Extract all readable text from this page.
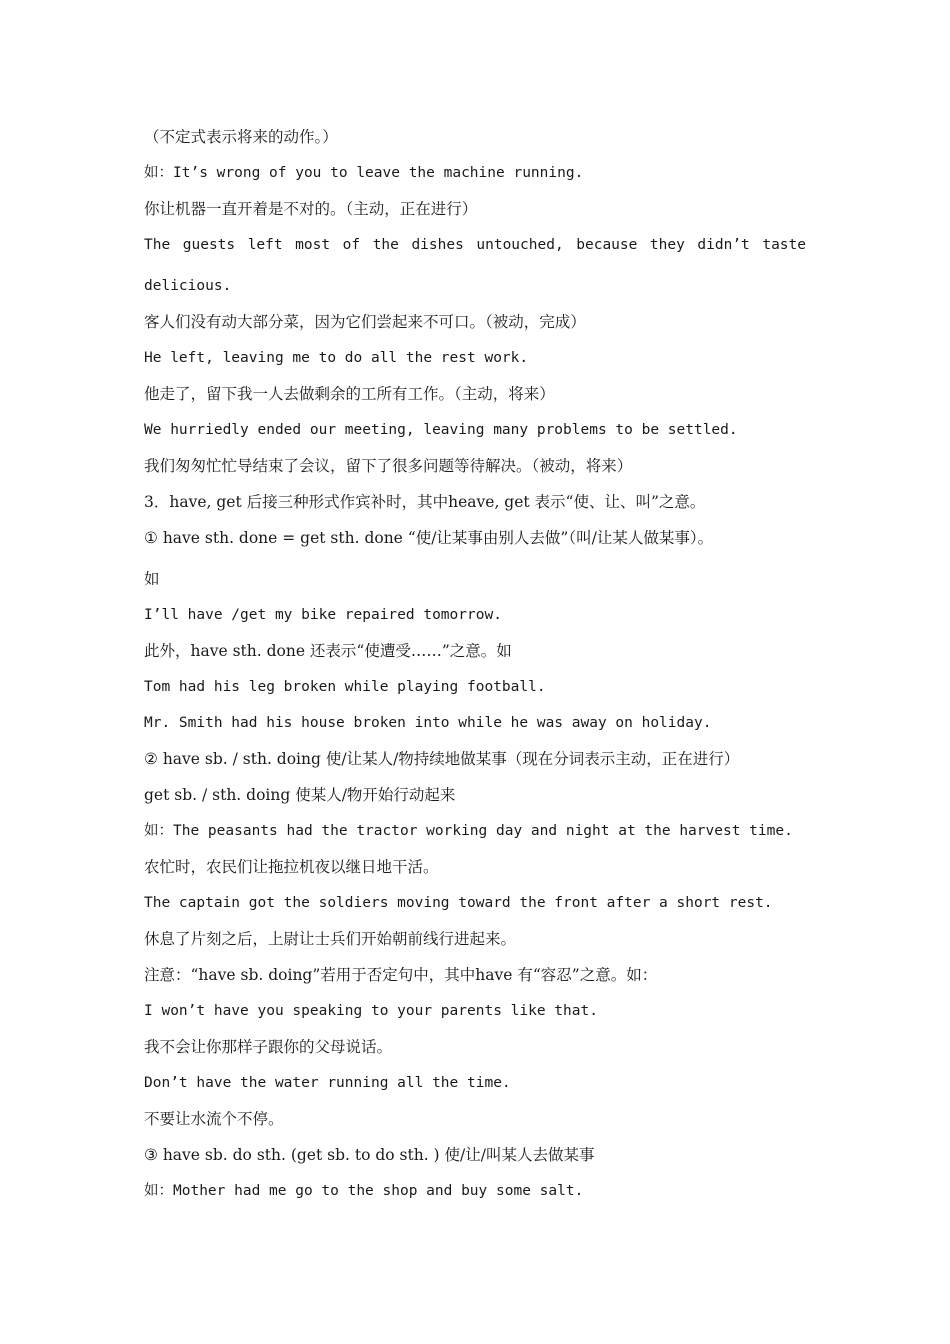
（不定式表示将来的动作。）
如：It’s wrong of you to leave the machine running.
你让机器一直开着是不对的。（主动，正在进行）
The guests left most of the dishes untouched, because they didn’t taste
delicious.
客人们没有动大部分菜，因为它们尝起来不可口。（被动，完成）
He left, leaving me to do all the rest work.
他走了，留下我一人去做剩余的工所有工作。（主动，将来）
We hurriedly ended our meeting, leaving many problems to be settled.
我们匆匆忙忙导结束了会议，留下了很多问题等待解决。（被动，将来）
3．have, get 后接三种形式作宾补时，其中heave, get 表示“使、让、叫”之意。
① have sth. done = get sth. done “使/让某事由别人去做”（叫/让某人做某事）。
如
I’ll have /get my bike repaired tomorrow.
此外，have sth. done 还表示“使遭受……”之意。如
Tom had his leg broken while playing football.
Mr. Smith had his house broken into while he was away on holiday.
② have sb. / sth. doing 使/让某人/物持续地做某事（现在分词表示主动，正在进行）
get sb. / sth. doing 使某人/物开始行动起来
如：The peasants had the tractor working day and night at the harvest time.
农忙时，农民们让拖拉机夜以继日地干活。
The captain got the soldiers moving toward the front after a short rest.
休息了片刻之后，上尉让士兵们开始朝前线行进起来。
注意：“have sb. doing”若用于否定句中，其中have 有“容忍”之意。如：
I won’t have you speaking to your parents like that.
我不会让你那样子跟你的父母说话。
Don’t have the water running all the time.
不要让水流个不停。
③ have sb. do sth. (get sb. to do sth. ) 使/让/叫某人去做某事
如：Mother had me go to the shop and buy some salt.
